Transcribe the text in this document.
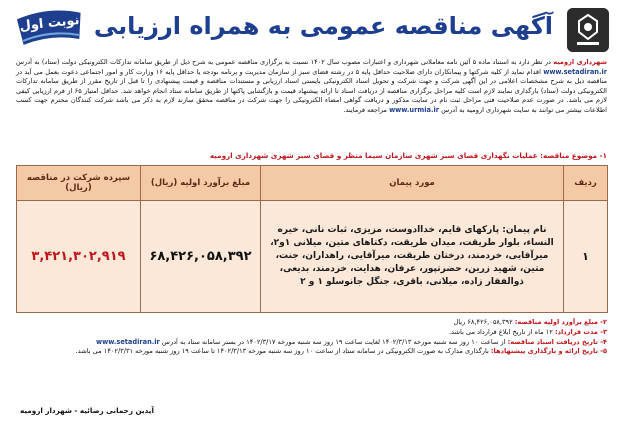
آگهی مناقصه عمومی به همراه ارزیابی
نوبت اول
شهرداری ارومیه در نظر دارد به استناد ماده ۵ آئین نامه معاملاتی شهرداری و اعتبارات مصوب سال ۱۴۰۲ نسبت به برگزاری مناقصه عمومی به شرح ذیل از طریق سامانه تدارکات الکترونیکی دولت (ستاد) به آدرس www.setadiran.ir اقدام نماید از کلیه شرکتها و پیمانکاران دارای صلاحیت حداقل پایه ۵ در رشته فضای سبز از سازمان مدیریت و برنامه بودجه یا حداقل پایه ۱۶ وزارت کار و امور اجتماعی دعوت بعمل می آید در مناقصه ذیل به شرح مشخصات اعلامی در این آگهی شرکت و جهت شرکت و تحویل اسناد الکترونیکی بایستی اسناد ارزیابی و مستندات مناقصه و قیمت پیشنهادی را تا قبل از تاریخ مقرر از طریق سامانه تدارکات الکترونیکی دولت (ستاد) بارگذاری نمایند لازم است کلیه مراحل برگزاری مناقصه از دریافت اسناد تا ارائه پیشنهاد قیمت و بازگشایی پاکتها از طریق سامانه ستاد انجام خواهد شد. حداقل امتیاز ۶۵ از فرم ارزیابی کیفی لازم می باشد. در صورت عدم صلاحیت فنی مراحل ثبت نام در سایت مذکور و دریافت گواهی امضاء الکترونیکی را جهت شرکت در مناقصه محقق سازند لازم به ذکر می باشد شرکت کنندگان محترم جهت کسب اطلاعات بیشتر می توانند به سایت شهرداری ارومیه به آدرس www.urmia.ir مراجعه فرمایند.
۱- موضوع مناقصه: عملیات نگهداری فضای سبز شهری سازمان سیما منظر و فضای سبز شهری شهرداری ارومیه
ردیف	مورد پیمان	مبلغ برآورد اولیه (ریال)	سپرده شرکت در مناقصه (ریال)
۱	نام پیمان: پارکهای قایم، خداادوست، مزیزی، ثبات نانی، خیره النساء، بلوار طریقت، میدان طریقت، دکتاهای متین، میلانی ۱و۲، میرآقایی، خردمند، درختان طریقت، میرآقایی، راهداران، جنت، متین، شهید زرین، حضرتپور، عرفان، هدایت، خردمند، بدیعی، ذوالفقار زاده، میلانی، باقری، جنگل جانوسلو ۱ و ۲	۶۸,۴۲۶,۰۵۸,۳۹۲	۳,۴۲۱,۳۰۲,۹۱۹
۲- مبلغ برآورد اولیه مناقصه: ۶۸,۴۲۶,۰۵۸,۳۹۲ ریال
۳- مدت قرارداد: ۱۲ ماه از تاریخ ابلاغ قرارداد می باشد.
۴- تاریخ دریافت اسناد مناقصه: از ساعت ۱۰ روز سه شنبه مورخه ۱۴۰۲/۳/۱۳ لغایت ساعت ۱۹ روز سه شنبه مورخه ۱۴۰۲/۳/۱۷ در بستر سامانه ستاد به آدرس www.setadiran.ir
۵- تاریخ ارائه و بارگذاری پیشنهادها: بارگذاری مدارک به صورت الکترونیکی در سامانه ستاد از ساعت ۱۰ روز سه شنبه مورخه ۱۴۰۲/۳/۱۳ تا ساعت ۱۹ روز شنبه مورخه ۱۴۰۲/۳/۳۱ می باشد.
آیدین رحمانی رضائیه - شهردار ارومیه
